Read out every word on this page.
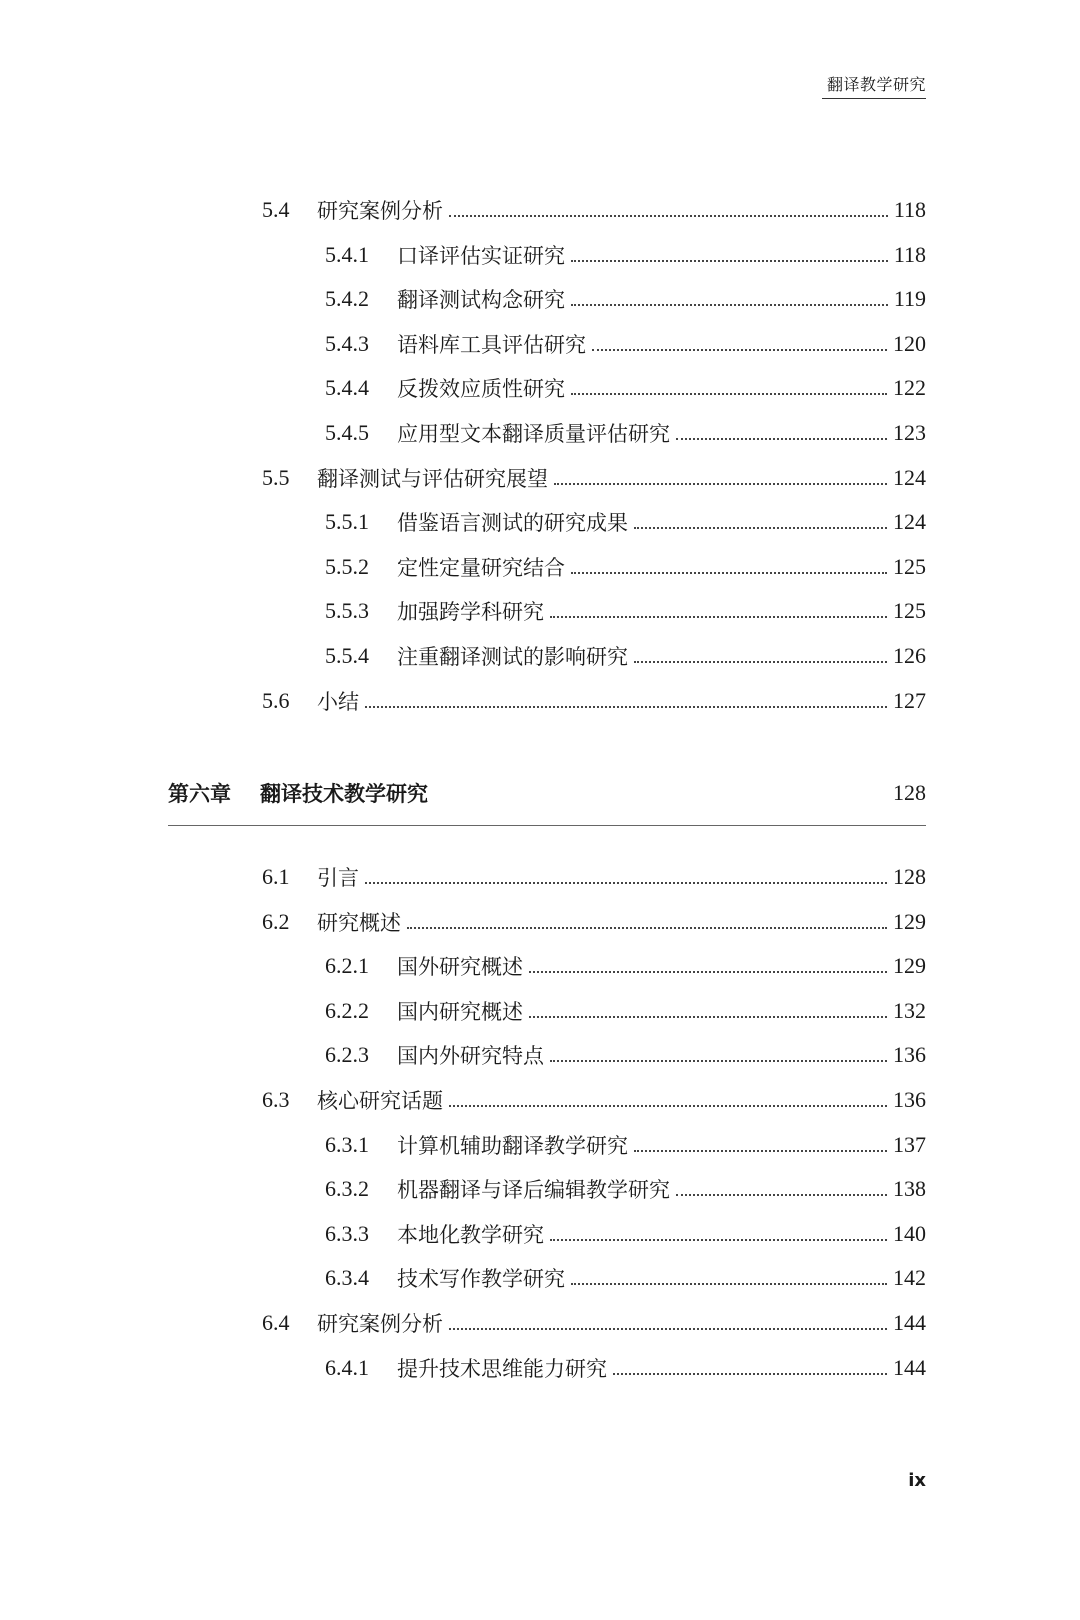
翻译教学研究
5.4	研究案例分析	118
5.4.1	口译评估实证研究	118
5.4.2	翻译测试构念研究	119
5.4.3	语料库工具评估研究	120
5.4.4	反拨效应质性研究	122
5.4.5	应用型文本翻译质量评估研究	123
5.5	翻译测试与评估研究展望	124
5.5.1	借鉴语言测试的研究成果	124
5.5.2	定性定量研究结合	125
5.5.3	加强跨学科研究	125
5.5.4	注重翻译测试的影响研究	126
5.6	小结	127
第六章	翻译技术教学研究	128
6.1	引言	128
6.2	研究概述	129
6.2.1	国外研究概述	129
6.2.2	国内研究概述	132
6.2.3	国内外研究特点	136
6.3	核心研究话题	136
6.3.1	计算机辅助翻译教学研究	137
6.3.2	机器翻译与译后编辑教学研究	138
6.3.3	本地化教学研究	140
6.3.4	技术写作教学研究	142
6.4	研究案例分析	144
6.4.1	提升技术思维能力研究	144
ix
